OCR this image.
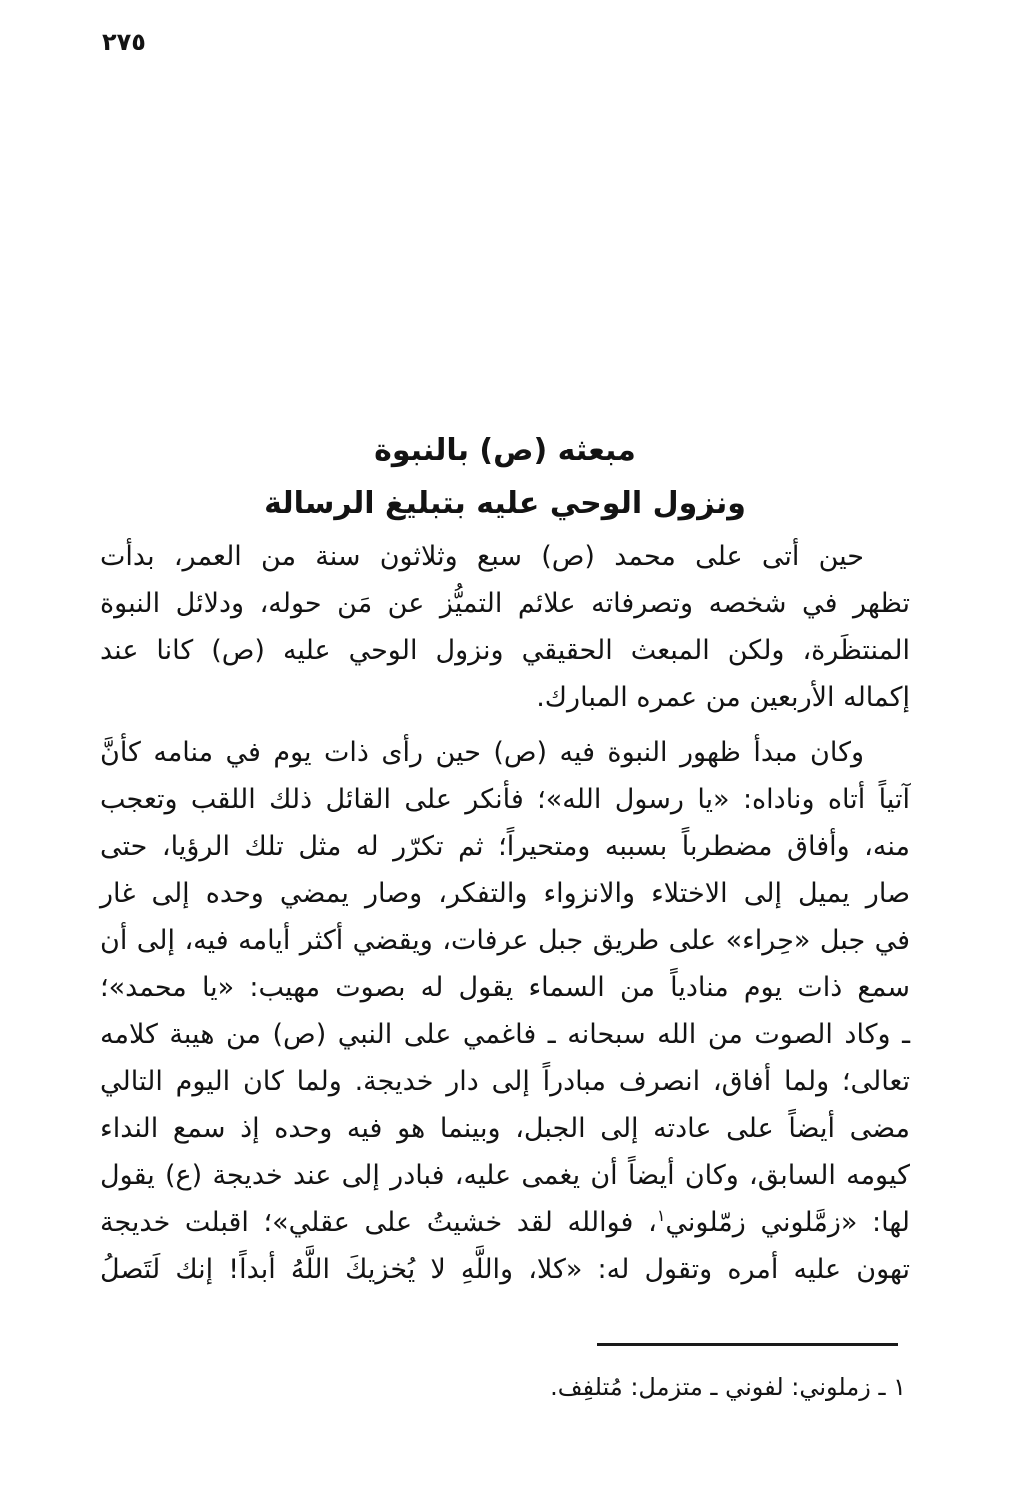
٢٧٥
مبعثه (ص) بالنبوة
ونزول الوحي عليه بتبليغ الرسالة
حين أتى على محمد (ص) سبع وثلاثون سنة من العمر، بدأت
تظهر في شخصه وتصرفاته علائم التميُّز عن مَن حوله، ودلائل النبوة
المنتظَرة، ولكن المبعث الحقيقي ونزول الوحي عليه (ص) كانا عند
إكماله الأربعين من عمره المبارك.
وكان مبدأ ظهور النبوة فيه (ص) حين رأى ذات يوم في منامه كأنَّ
آتياً أتاه وناداه: «يا رسول الله»؛ فأنكر على القائل ذلك اللقب وتعجب
منه، وأفاق مضطرباً بسببه ومتحيراً؛ ثم تكرّر له مثل تلك الرؤيا، حتى
صار يميل إلى الاختلاء والانزواء والتفكر، وصار يمضي وحده إلى غار
في جبل «حِراء» على طريق جبل عرفات، ويقضي أكثر أيامه فيه، إلى أن
سمع ذات يوم منادياً من السماء يقول له بصوت مهيب: «يا محمد»؛
ـ وكاد الصوت من الله سبحانه ـ فاغمي على النبي (ص) من هيبة كلامه
تعالى؛ ولما أفاق، انصرف مبادراً إلى دار خديجة. ولما كان اليوم التالي
مضى أيضاً على عادته إلى الجبل، وبينما هو فيه وحده إذ سمع النداء
كيومه السابق، وكان أيضاً أن يغمى عليه، فبادر إلى عند خديجة (ع) يقول
لها: «زمَّلوني زمّلوني$^١$، فوالله لقد خشيتُ على عقلي»؛ اقبلت خديجة
تهون عليه أمره وتقول له: «كلا، واللَّهِ لا يُخزيكَ اللَّهُ أبداً! إنك لَتَصلُ
١ ـ زملوني: لفوني ـ متزمل: مُتلفِف.
